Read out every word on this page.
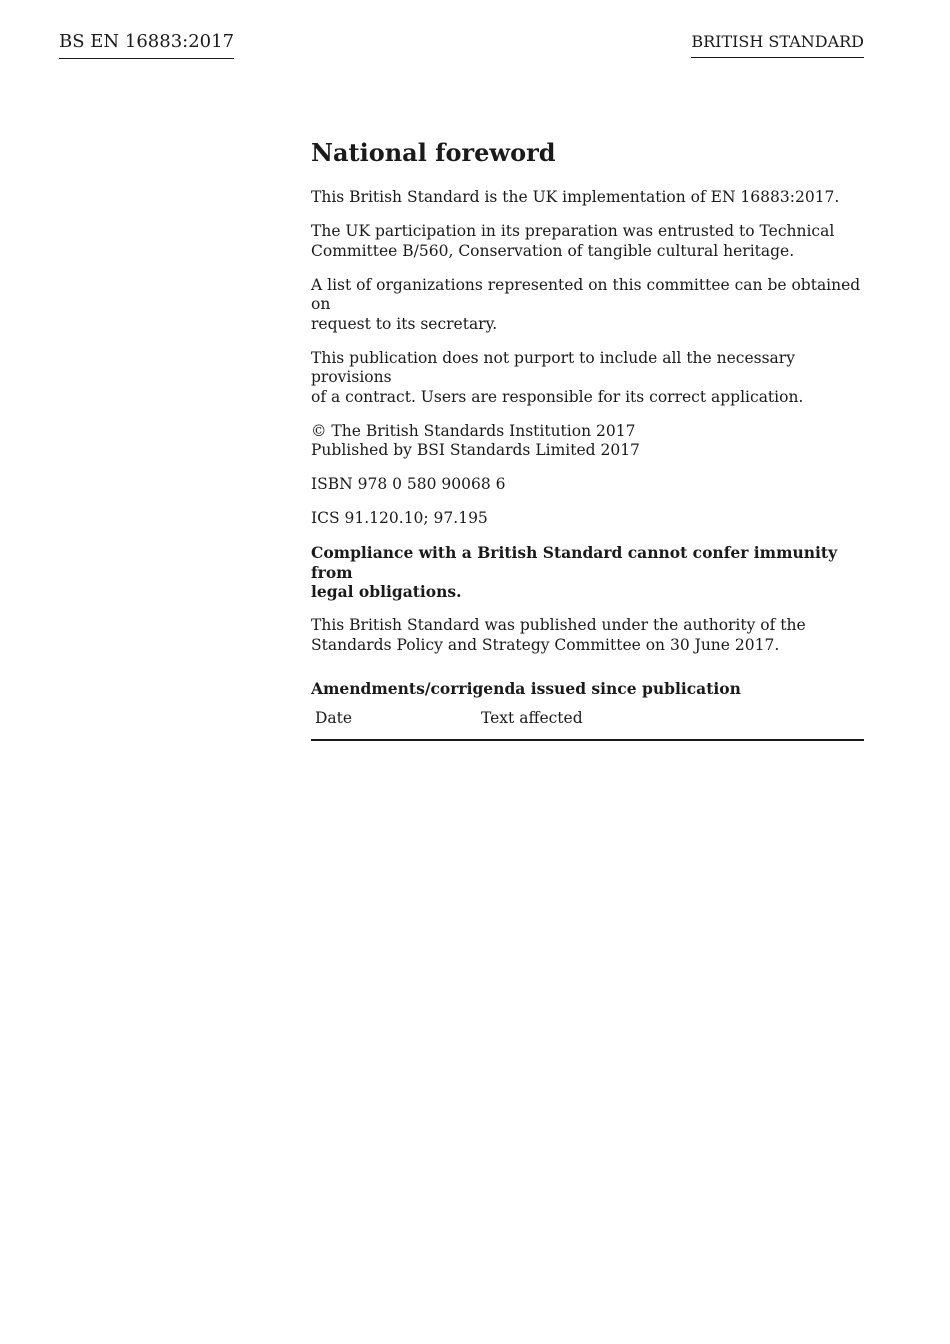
BS EN 16883:2017	BRITISH STANDARD
National foreword

This British Standard is the UK implementation of EN 16883:2017.

The UK participation in its preparation was entrusted to Technical
Committee B/560, Conservation of tangible cultural heritage.

A list of organizations represented on this committee can be obtained on
request to its secretary.

This publication does not purport to include all the necessary provisions
of a contract. Users are responsible for its correct application.

© The British Standards Institution 2017
Published by BSI Standards Limited 2017

ISBN 978 0 580 90068 6

ICS 91.120.10; 97.195

Compliance with a British Standard cannot confer immunity from
legal obligations.

This British Standard was published under the authority of the
Standards Policy and Strategy Committee on 30 June 2017.

Amendments/corrigenda issued since publication
Date	Text affected
